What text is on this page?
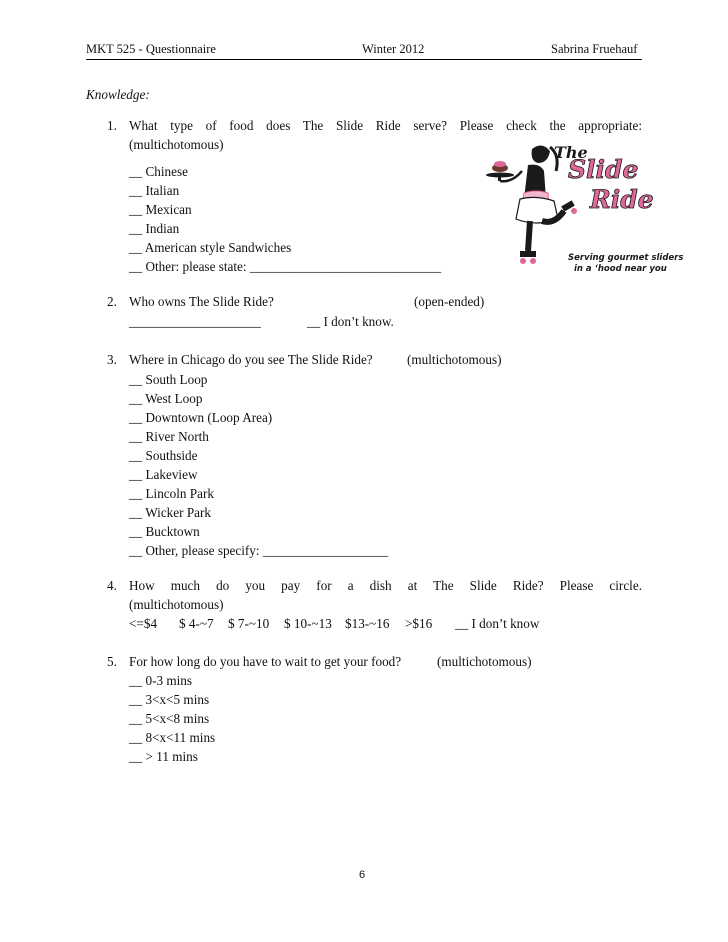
MKT 525 - Questionnaire	Winter 2012	Sabrina Fruehauf
Knowledge:
1. What type of food does The Slide Ride serve? Please check the appropriate:
(multichotomous)
__ Chinese
__ Italian
__ Mexican
__ Indian
__ American style Sandwiches
__ Other: please state: _____________________________
The
Slide
Ride
Serving gourmet sliders
in a ‘hood near you
2. Who owns The Slide Ride?	(open-ended)
____________________	__ I don’t know.
3. Where in Chicago do you see The Slide Ride?	(multichotomous)
__ South Loop
__ West Loop
__ Downtown (Loop Area)
__ River North
__ Southside
__ Lakeview
__ Lincoln Park
__ Wicker Park
__ Bucktown
__ Other, please specify: ___________________
4. How much do you pay for a dish at The Slide Ride? Please circle.
(multichotomous)
<=$4 $ 4-~7 $ 7-~10 $ 10-~13 $13-~16 >$16 __ I don’t know
5. For how long do you have to wait to get your food?	(multichotomous)
__ 0-3 mins
__ 3<x<5 mins
__ 5<x<8 mins
__ 8<x<11 mins
__ > 11 mins
6
